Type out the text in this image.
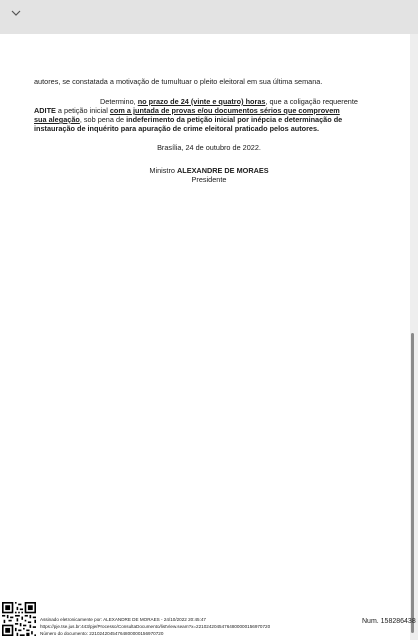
autores, se constatada a motivação de tumultuar o pleito eleitoral em sua última semana.
Determino, no prazo de 24 (vinte e quatro) horas, que a coligação requerente
ADITE a petição inicial com a juntada de provas e/ou documentos sérios que comprovem
sua alegação, sob pena de indeferimento da petição inicial por inépcia e determinação de
instauração de inquérito para apuração de crime eleitoral praticado pelos autores.
Brasília, 24 de outubro de 2022.
Ministro ALEXANDRE DE MORAES
Presidente
Assinado eletronicamente por: ALEXANDRE DE MORAES - 24/10/2022 20:45:47
https://pje.tse.jus.br:443/pje/Processo/ConsultaDocumento/listView.seam?x=22102420454764800000156970720
Número do documento: 22102420454764800000156970720
Num. 158286438
